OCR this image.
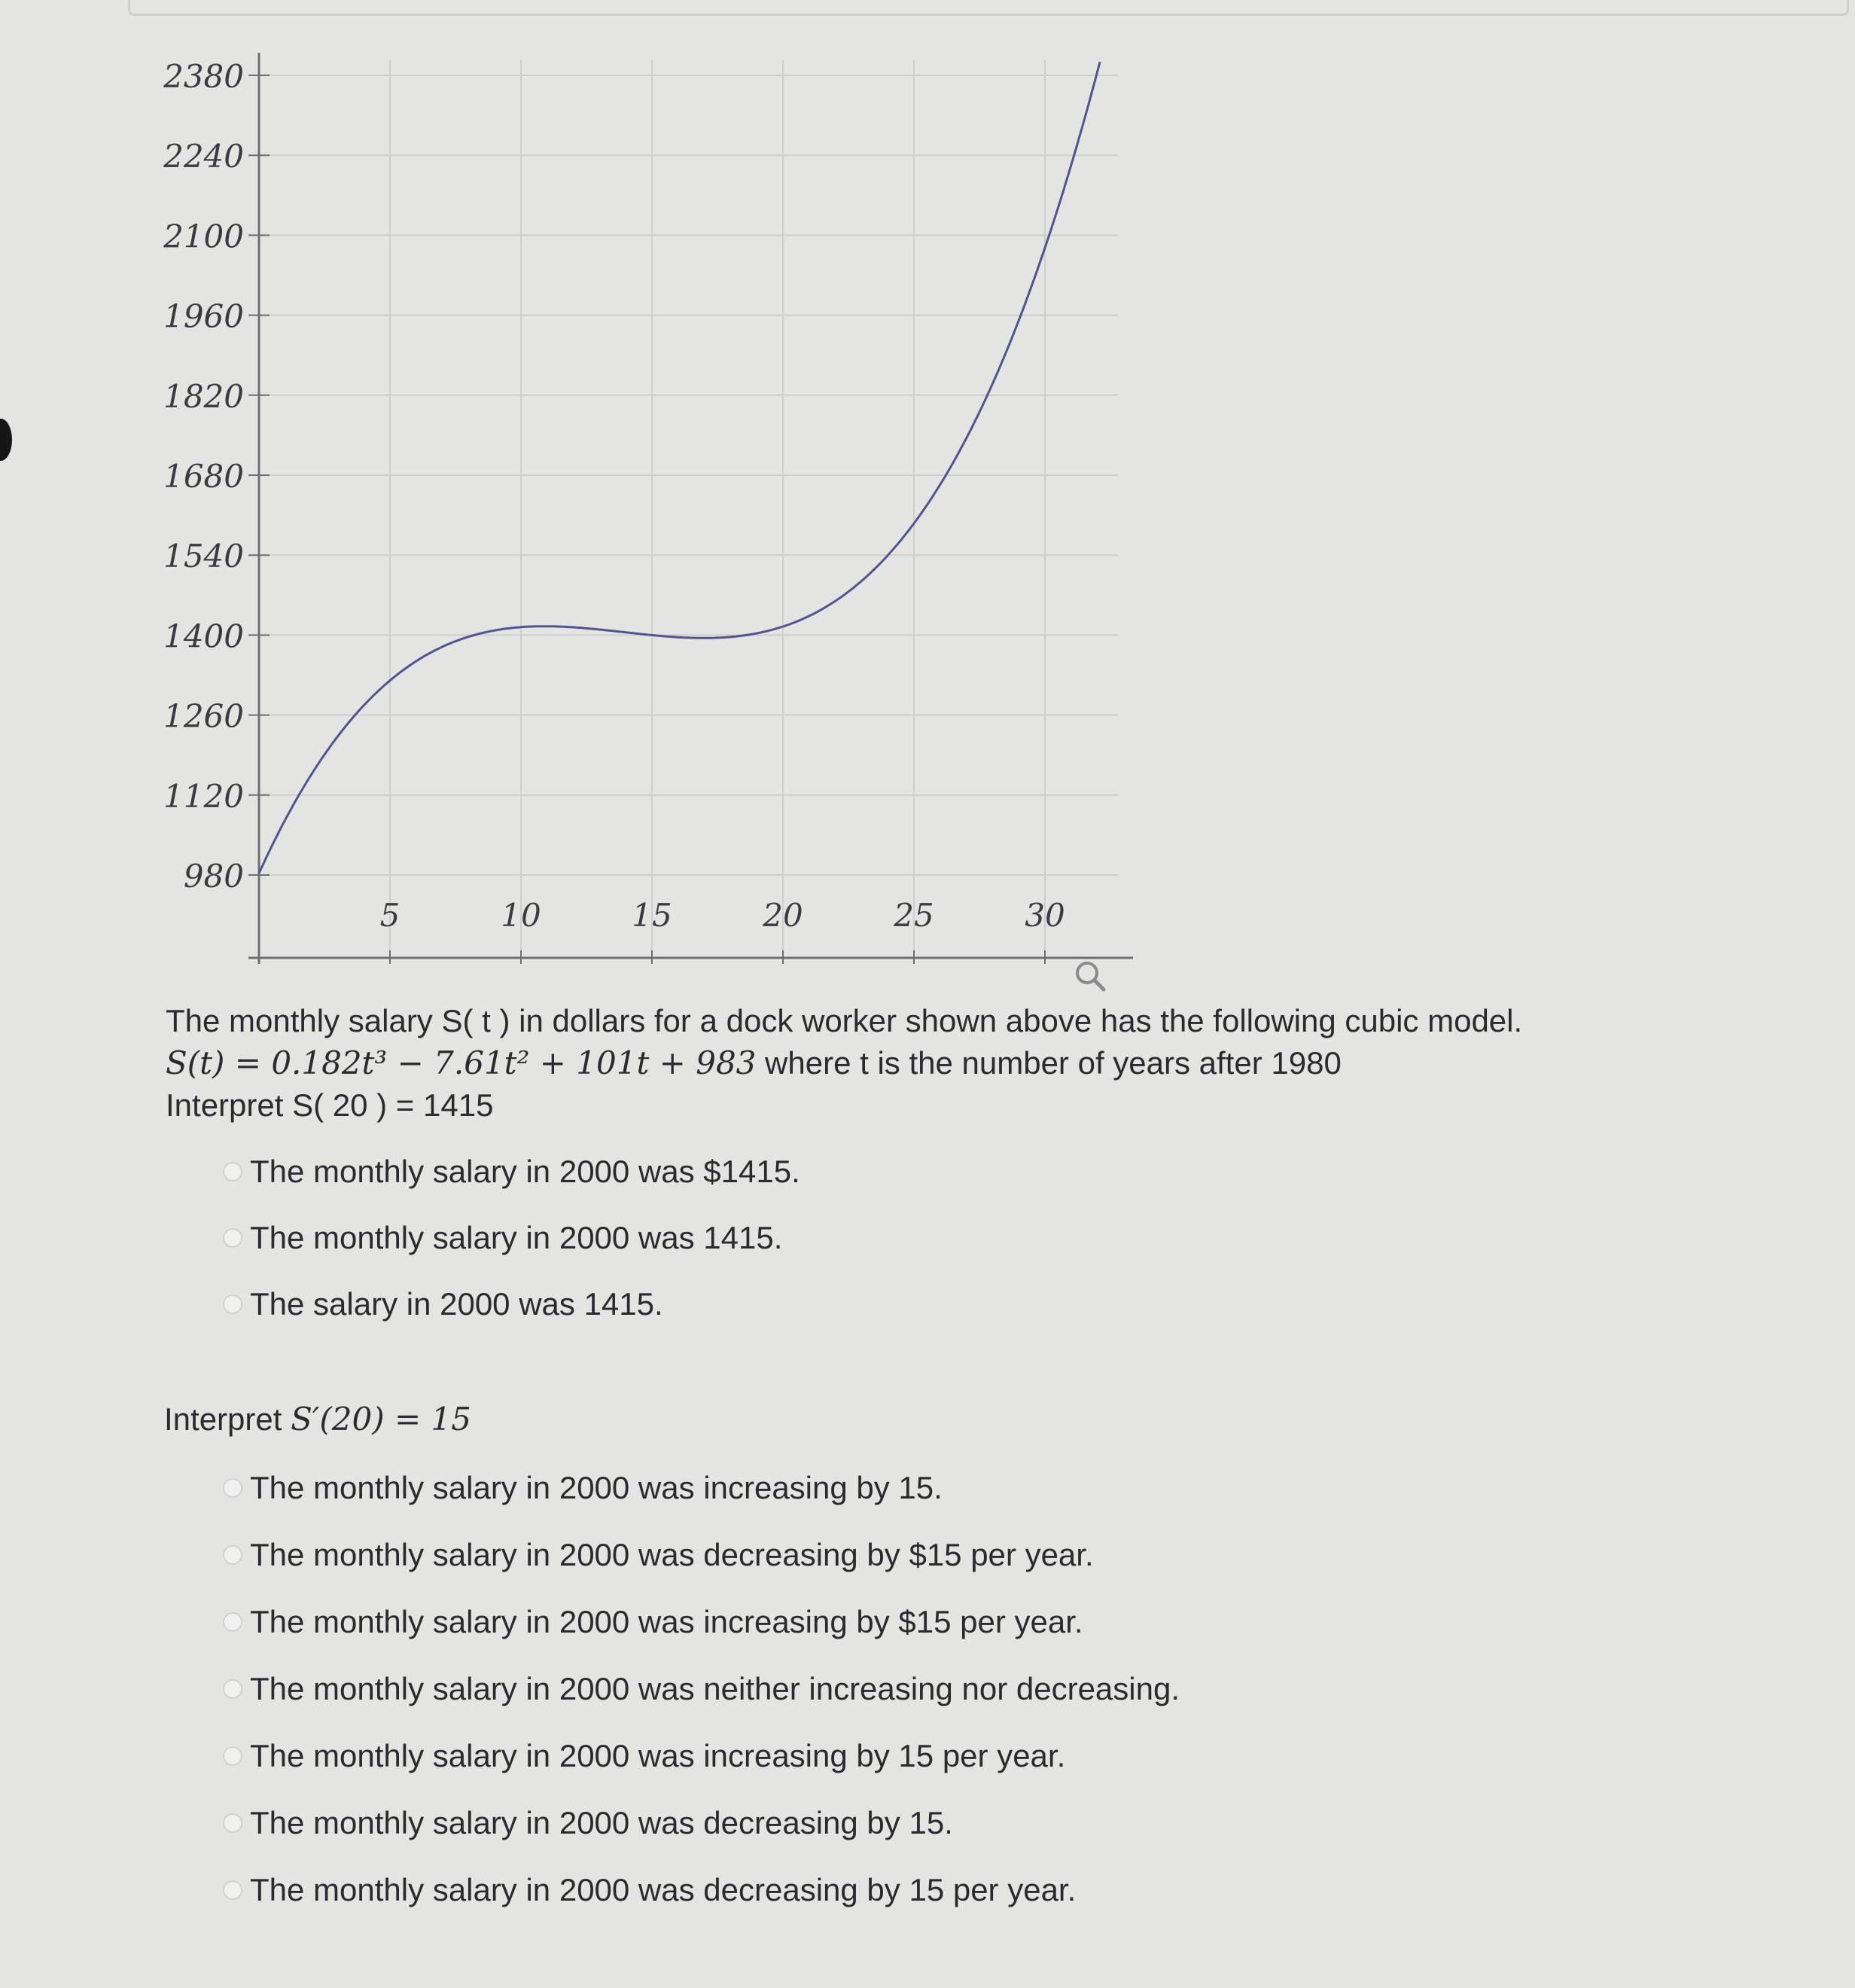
980
1120
1260
1400
1540
1680
1820
1960
2100
2240
2380
5	10	15	20	25	30
The monthly salary S( t ) in dollars for a dock worker shown above has the following cubic model.
S(t) = 0.182t³ − 7.61t² + 101t + 983 where t is the number of years after 1980
Interpret S( 20 ) = 1415
The monthly salary in 2000 was $1415.
The monthly salary in 2000 was 1415.
The salary in 2000 was 1415.
Interpret S′(20) = 15
The monthly salary in 2000 was increasing by 15.
The monthly salary in 2000 was decreasing by $15 per year.
The monthly salary in 2000 was increasing by $15 per year.
The monthly salary in 2000 was neither increasing nor decreasing.
The monthly salary in 2000 was increasing by 15 per year.
The monthly salary in 2000 was decreasing by 15.
The monthly salary in 2000 was decreasing by 15 per year.
